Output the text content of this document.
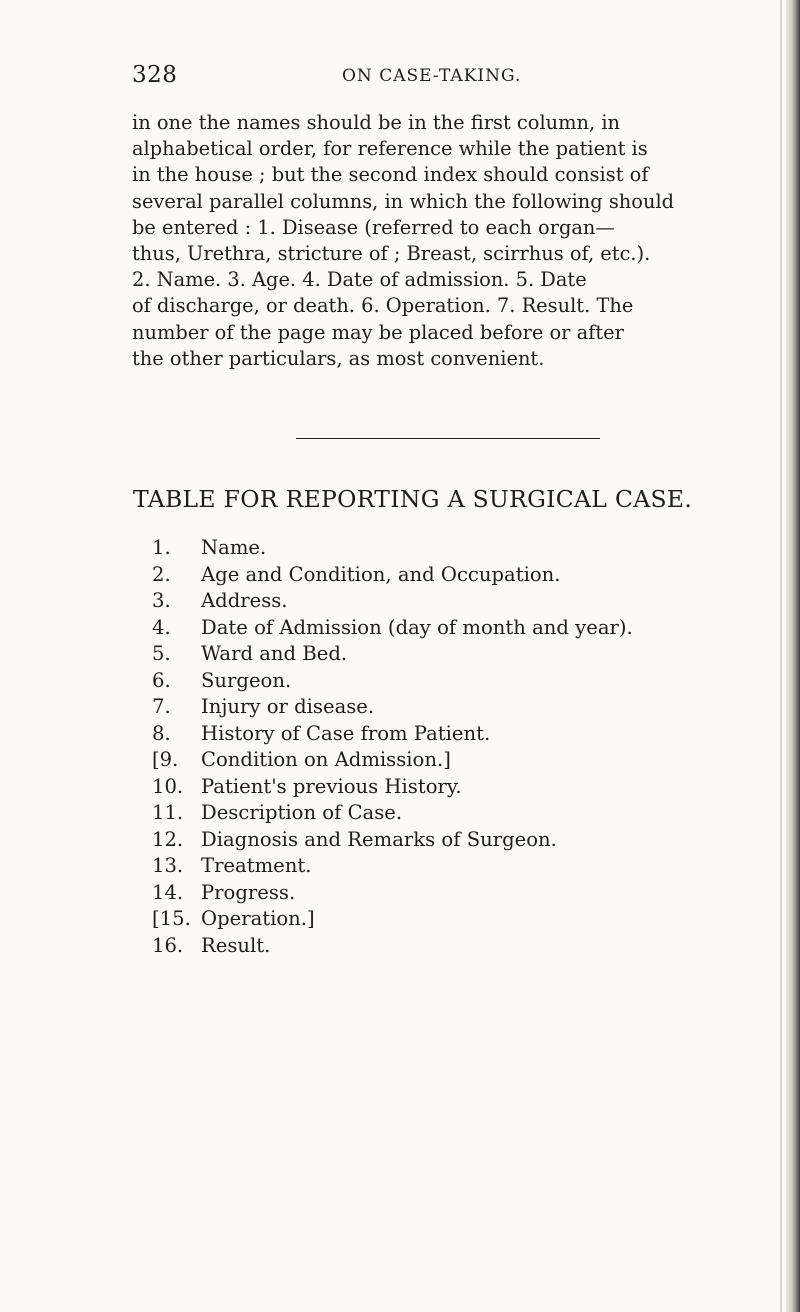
328	ON CASE-TAKING.
in one the names should be in the first column, in
alphabetical order, for reference while the patient is
in the house ; but the second index should consist of
several parallel columns, in which the following should
be entered : 1. Disease (referred to each organ—
thus, Urethra, stricture of ; Breast, scirrhus of, etc.).
2. Name. 3. Age. 4. Date of admission. 5. Date
of discharge, or death. 6. Operation. 7. Result. The
number of the page may be placed before or after
the other particulars, as most convenient.
TABLE FOR REPORTING A SURGICAL CASE.
1.	Name.
2.	Age and Condition, and Occupation.
3.	Address.
4.	Date of Admission (day of month and year).
5.	Ward and Bed.
6.	Surgeon.
7.	Injury or disease.
8.	History of Case from Patient.
[9.	Condition on Admission.]
10. Patient's previous History.
11. Description of Case.
12. Diagnosis and Remarks of Surgeon.
13. Treatment.
14. Progress.
[15. Operation.]
16. Result.
